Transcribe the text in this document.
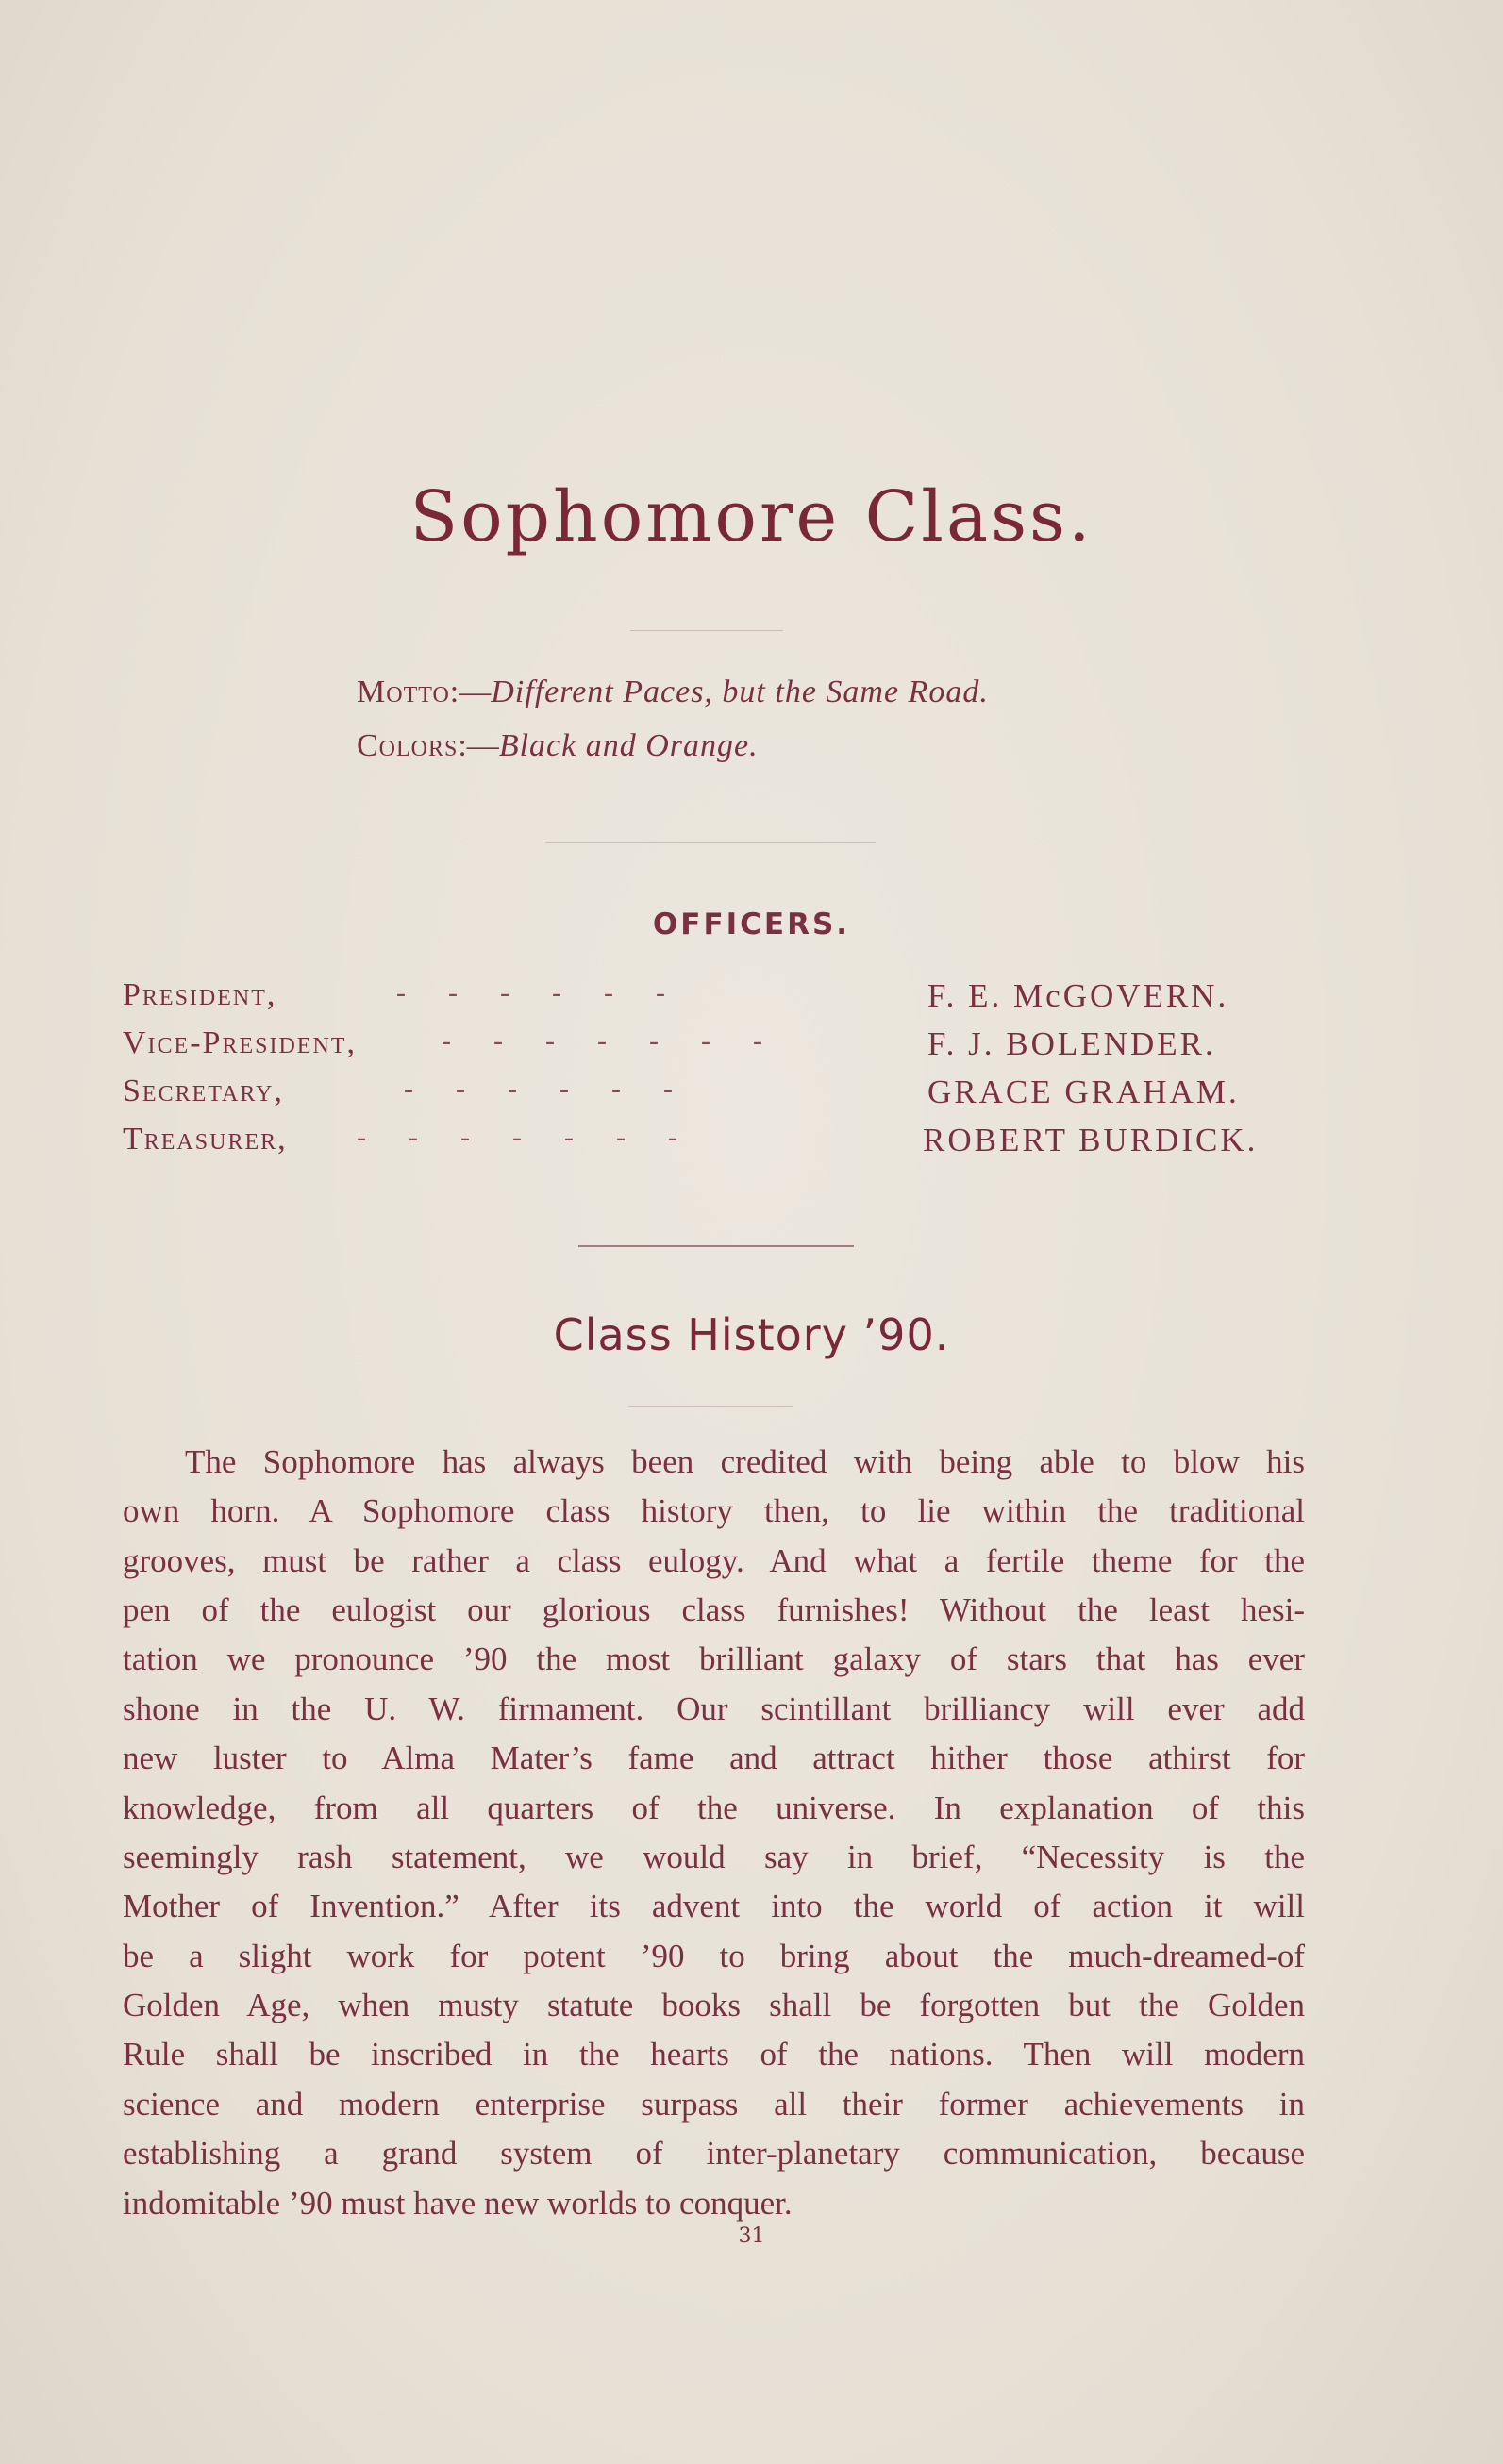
Sophomore Class.
Motto:—Different Paces, but the Same Road.
Colors:—Black and Orange.
OFFICERS.
President,	-      -      -      -      -      -	F. E. McGOVERN.
Vice-President,	-      -      -      -      -      -      -	F. J. BOLENDER.
Secretary,	-      -      -      -      -      -	GRACE GRAHAM.
Treasurer, -      -      -      -      -      -      -	ROBERT BURDICK.
Class History ’90.
The Sophomore has always been credited with being able to blow his
own horn. A Sophomore class history then, to lie within the traditional
grooves, must be rather a class eulogy. And what a fertile theme for the
pen of the eulogist our glorious class furnishes! Without the least hesi-
tation we pronounce ’90 the most brilliant galaxy of stars that has ever
shone in the U. W. firmament. Our scintillant brilliancy will ever add
new luster to Alma Mater’s fame and attract hither those athirst for
knowledge, from all quarters of the universe. In explanation of this
seemingly rash statement, we would say in brief, “Necessity is the
Mother of Invention.” After its advent into the world of action it will
be a slight work for potent ’90 to bring about the much-dreamed-of
Golden Age, when musty statute books shall be forgotten but the Golden
Rule shall be inscribed in the hearts of the nations. Then will modern
science and modern enterprise surpass all their former achievements in
establishing a grand system of inter-planetary communication, because
indomitable ’90 must have new worlds to conquer.
31
